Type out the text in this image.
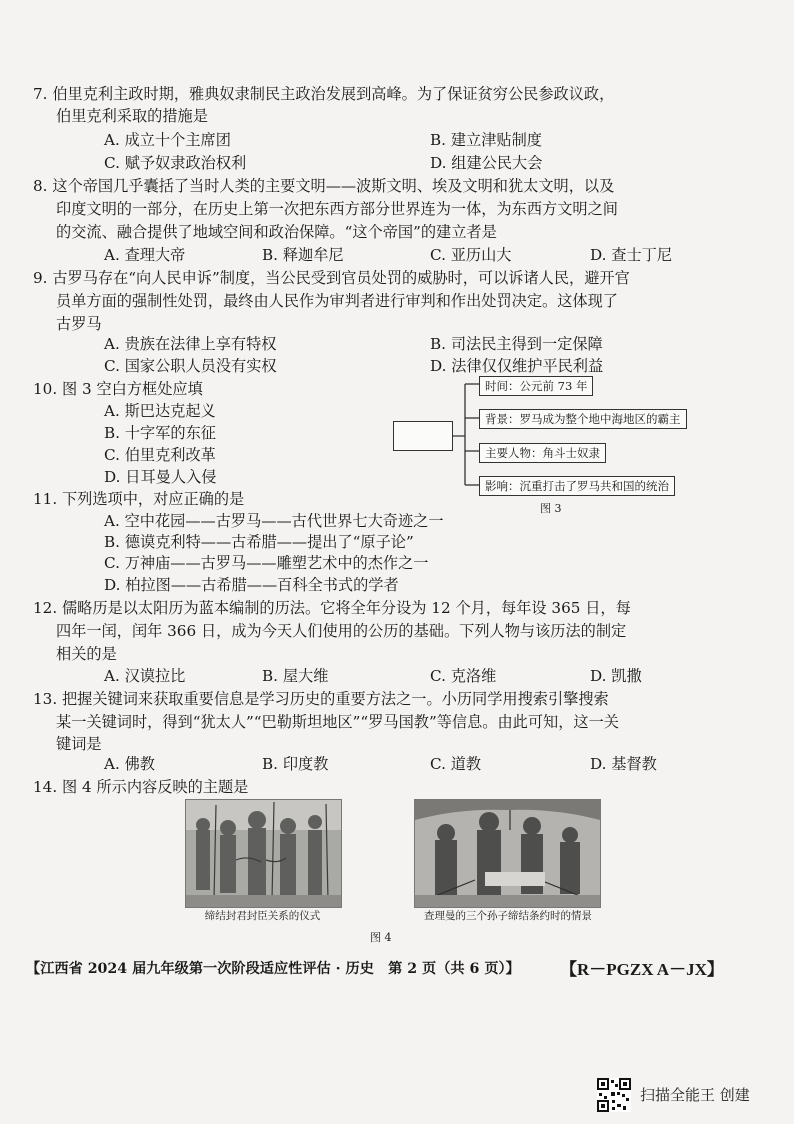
7. 伯里克利主政时期，雅典奴隶制民主政治发展到高峰。为了保证贫穷公民参政议政，
伯里克利采取的措施是
A. 成立十个主席团	B. 建立津贴制度
C. 赋予奴隶政治权利	D. 组建公民大会
8. 这个帝国几乎囊括了当时人类的主要文明——波斯文明、埃及文明和犹太文明，以及
印度文明的一部分，在历史上第一次把东西方部分世界连为一体，为东西方文明之间
的交流、融合提供了地域空间和政治保障。“这个帝国”的建立者是
A. 查理大帝	B. 释迦牟尼	C. 亚历山大	D. 查士丁尼
9. 古罗马存在“向人民申诉”制度，当公民受到官员处罚的威胁时，可以诉诸人民，避开官
员单方面的强制性处罚，最终由人民作为审判者进行审判和作出处罚决定。这体现了
古罗马
A. 贵族在法律上享有特权	B. 司法民主得到一定保障
C. 国家公职人员没有实权	D. 法律仅仅维护平民利益
10. 图 3 空白方框处应填
A. 斯巴达克起义
B. 十字军的东征
C. 伯里克利改革
D. 日耳曼人入侵
时间：公元前 73 年
背景：罗马成为整个地中海地区的霸主
主要人物：角斗士奴隶
影响：沉重打击了罗马共和国的统治
图 3
11. 下列选项中，对应正确的是
A. 空中花园——古罗马——古代世界七大奇迹之一
B. 德谟克利特——古希腊——提出了“原子论”
C. 万神庙——古罗马——雕塑艺术中的杰作之一
D. 柏拉图——古希腊——百科全书式的学者
12. 儒略历是以太阳历为蓝本编制的历法。它将全年分设为 12 个月，每年设 365 日，每
四年一闰，闰年 366 日，成为今天人们使用的公历的基础。下列人物与该历法的制定
相关的是
A. 汉谟拉比	B. 屋大维	C. 克洛维	D. 凯撒
13. 把握关键词来获取重要信息是学习历史的重要方法之一。小历同学用搜索引擎搜索
某一关键词时，得到“犹太人”“巴勒斯坦地区”“罗马国教”等信息。由此可知，这一关
键词是
A. 佛教	B. 印度教	C. 道教	D. 基督教
14. 图 4 所示内容反映的主题是
缔结封君封臣关系的仪式	查理曼的三个孙子缔结条约时的情景
图 4
【江西省 2024 届九年级第一次阶段适应性评估 · 历史　第 2 页（共 6 页）】 【R－PGZX A－JX】
扫描全能王 创建
